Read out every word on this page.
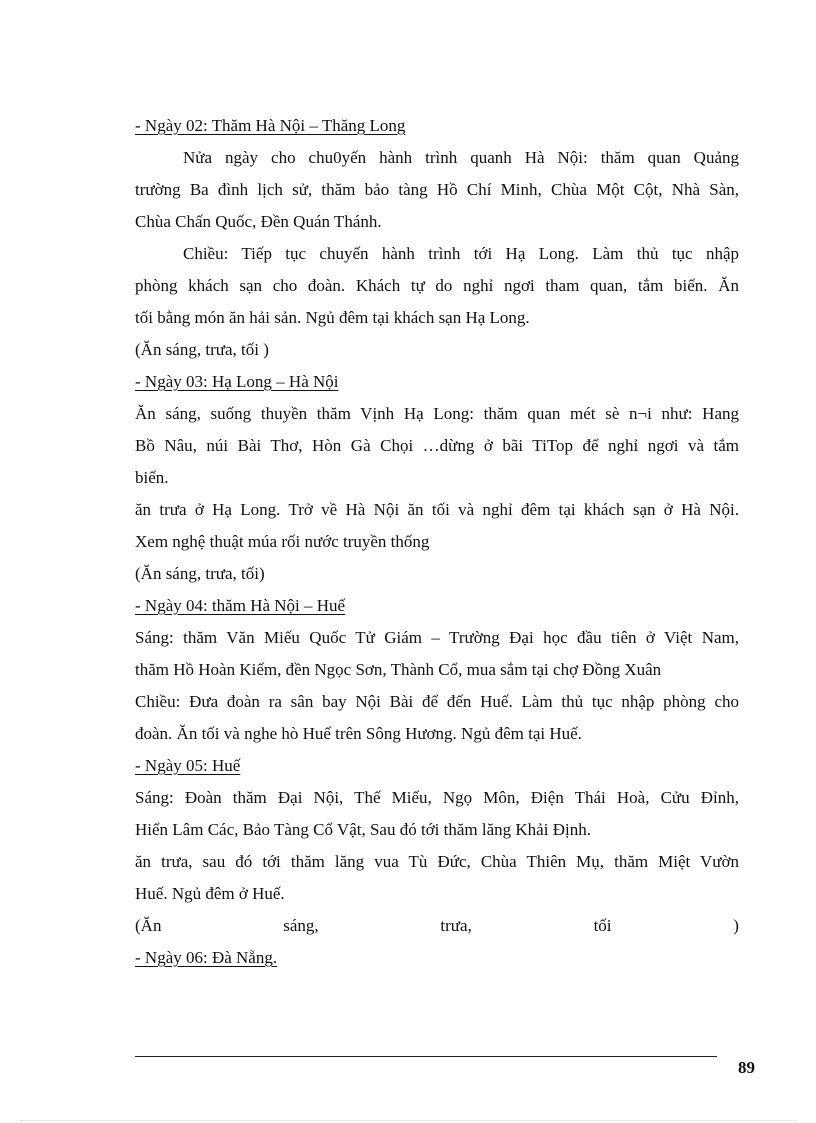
- Ngày 02: Thăm Hà Nội – Thăng Long
Nửa ngày cho chu0yến hành trình quanh Hà Nội: thăm quan Quảng
trường Ba đình lịch sử, thăm bảo tàng Hồ Chí Minh, Chùa Một Cột, Nhà Sàn,
Chùa Chấn Quốc, Đền Quán Thánh.
Chiều: Tiếp tục chuyến hành trình tới Hạ Long. Làm thủ tục nhập
phòng khách sạn cho đoàn. Khách tự do nghỉ ngơi tham quan, tắm biển. Ăn
tối bằng món ăn hải sản. Ngủ đêm tại khách sạn Hạ Long.
(Ăn sáng, trưa, tối )
- Ngày 03: Hạ Long – Hà Nội
Ăn sáng, suống thuyền thăm Vịnh Hạ Long: thăm quan mét sè n¬i như: Hang
Bồ Nâu, núi Bài Thơ, Hòn Gà Chọi …dừng ở bãi TiTop để nghỉ ngơi và tắm
biển.
ăn trưa ở Hạ Long. Trở về Hà Nội ăn tối và nghỉ đêm tại khách sạn ở Hà Nội.
Xem nghệ thuật múa rối nước truyền thống
(Ăn sáng, trưa, tối)
- Ngày 04: thăm Hà Nội – Huế
Sáng: thăm Văn Miếu Quốc Tử Giám – Trường Đại học đầu tiên ở Việt Nam,
thăm Hồ Hoàn Kiếm, đền Ngọc Sơn, Thành Cổ, mua sắm tại chợ Đồng Xuân
Chiều: Đưa đoàn ra sân bay Nội Bài để đến Huế. Làm thủ tục nhập phòng cho
đoàn. Ăn tối và nghe hò Huế trên Sông Hương. Ngủ đêm tại Huế.
- Ngày 05: Huế
Sáng: Đoàn thăm Đại Nội, Thế Miếu, Ngọ Môn, Điện Thái Hoà, Cửu Đỉnh,
Hiển Lâm Các, Bảo Tàng Cổ Vật, Sau đó tới thăm lăng Khải Định.
ăn trưa, sau đó tới thăm lăng vua Tù Đức, Chùa Thiên Mụ, thăm Miệt Vườn
Huế. Ngủ đêm ở Huế.
(Ăn	sáng,	trưa,	tối	)
- Ngày 06: Đà Nẵng.
89
